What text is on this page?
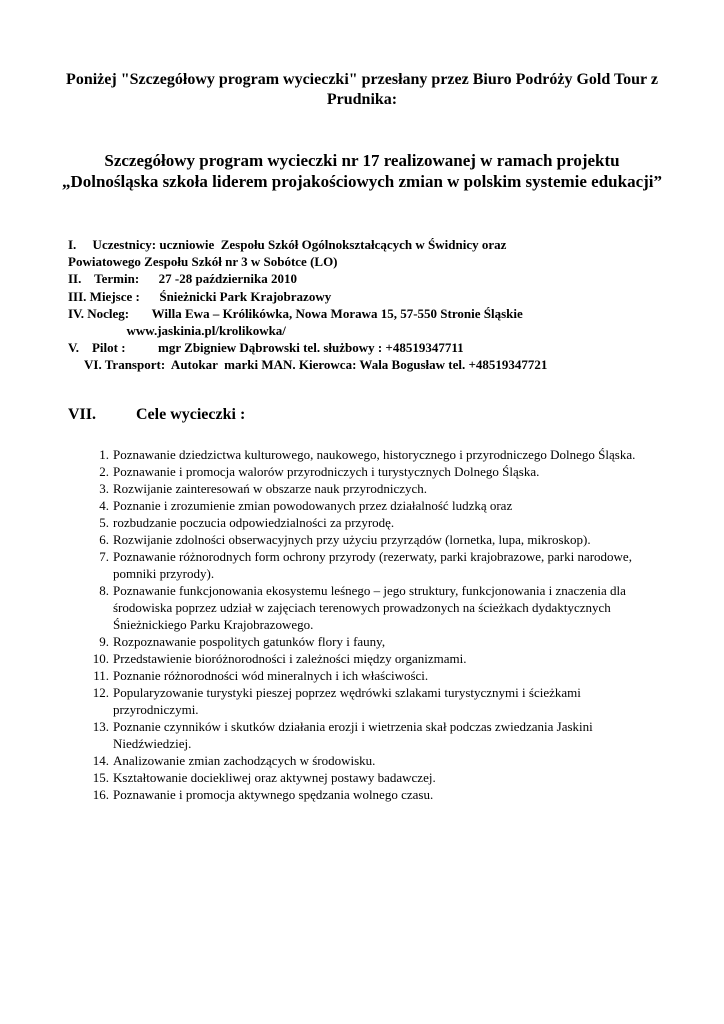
Poniżej "Szczegółowy program wycieczki" przesłany przez Biuro Podróży Gold Tour z Prudnika:

Szczegółowy program wycieczki nr 17 realizowanej w ramach projektu „Dolnośląska szkoła liderem projakościowych zmian w polskim systemie edukacji”

I.     Uczestnicy: uczniowie  Zespołu Szkół Ogólnokształcących w Świdnicy oraz
Powiatowego Zespołu Szkół nr 3 w Sobótce (LO)
II.    Termin:      27 -28 października 2010
III. Miejsce :      Śnieżnicki Park Krajobrazowy
IV. Nocleg:       Willa Ewa – Królikówka, Nowa Morawa 15, 57-550 Stronie Śląskie
www.jaskinia.pl/krolikowka/
V.    Pilot :          mgr Zbigniew Dąbrowski tel. służbowy : +48519347711
VI. Transport:  Autokar  marki MAN. Kierowca: Wala Bogusław tel. +48519347721
VII. Cele wycieczki :
1. Poznawanie dziedzictwa kulturowego, naukowego, historycznego i przyrodniczego Dolnego Śląska.
2. Poznawanie i promocja walorów przyrodniczych i turystycznych Dolnego Śląska.
3. Rozwijanie zainteresowań w obszarze nauk przyrodniczych.
4. Poznanie i zrozumienie zmian powodowanych przez działalność ludzką oraz
5. rozbudzanie poczucia odpowiedzialności za przyrodę.
6. Rozwijanie zdolności obserwacyjnych przy użyciu przyrządów (lornetka, lupa, mikroskop).
7. Poznawanie różnorodnych form ochrony przyrody (rezerwaty, parki krajobrazowe, parki narodowe, pomniki przyrody).
8. Poznawanie funkcjonowania ekosystemu leśnego – jego struktury, funkcjonowania i znaczenia dla środowiska poprzez udział w zajęciach terenowych prowadzonych na ścieżkach dydaktycznych Śnieżnickiego Parku Krajobrazowego.
9. Rozpoznawanie pospolitych gatunków flory i fauny,
10. Przedstawienie bioróżnorodności i zależności między organizmami.
11. Poznanie różnorodności wód mineralnych i ich właściwości.
12. Popularyzowanie turystyki pieszej poprzez wędrówki szlakami turystycznymi i ścieżkami przyrodniczymi.
13. Poznanie czynników i skutków działania erozji i wietrzenia skał podczas zwiedzania Jaskini Niedźwiedziej.
14. Analizowanie zmian zachodzących w środowisku.
15. Kształtowanie dociekliwej oraz aktywnej postawy badawczej.
16. Poznawanie i promocja aktywnego spędzania wolnego czasu.
